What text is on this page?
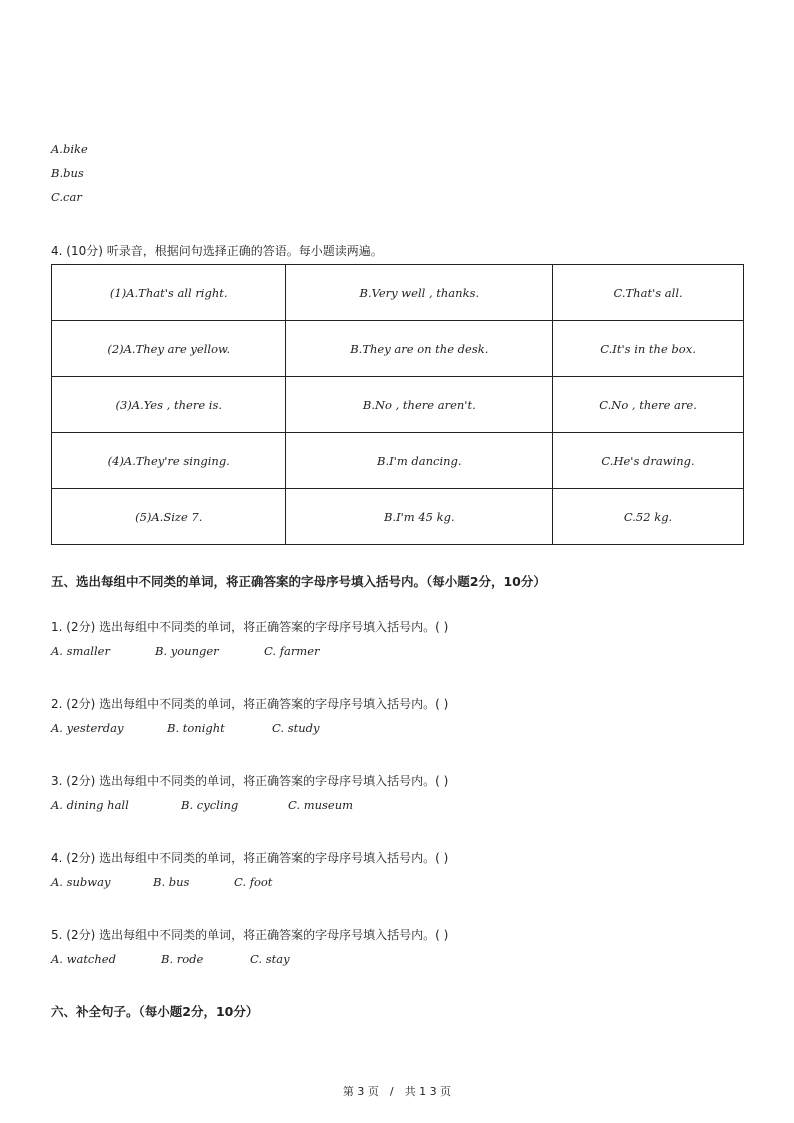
A.bike
B.bus
C.car
4. (10分) 听录音，根据问句选择正确的答语。每小题读两遍。
(1)A.That's all right.	B.Very well , thanks.	C.That's all.
(2)A.They are yellow.	B.They are on the desk.	C.It's in the box.
(3)A.Yes , there is.	B.No , there aren't.	C.No , there are.
(4)A.They're singing.	B.I'm dancing.	C.He's drawing.
(5)A.Size 7.	B.I'm 45 kg.	C.52 kg.
五、选出每组中不同类的单词，将正确答案的字母序号填入括号内。（每小题2分，10分）
1. (2分) 选出每组中不同类的单词，将正确答案的字母序号填入括号内。( )
A. smaller	B. younger	C. farmer
2. (2分) 选出每组中不同类的单词，将正确答案的字母序号填入括号内。( )
A. yesterday	B. tonight	C. study
3. (2分) 选出每组中不同类的单词，将正确答案的字母序号填入括号内。( )
A. dining hall	B. cycling	C. museum
4. (2分) 选出每组中不同类的单词，将正确答案的字母序号填入括号内。( )
A. subway	B. bus	C. foot
5. (2分) 选出每组中不同类的单词，将正确答案的字母序号填入括号内。( )
A. watched	B. rode	C. stay
六、补全句子。（每小题2分，10分）
第 3 页　/　共 1 3 页
